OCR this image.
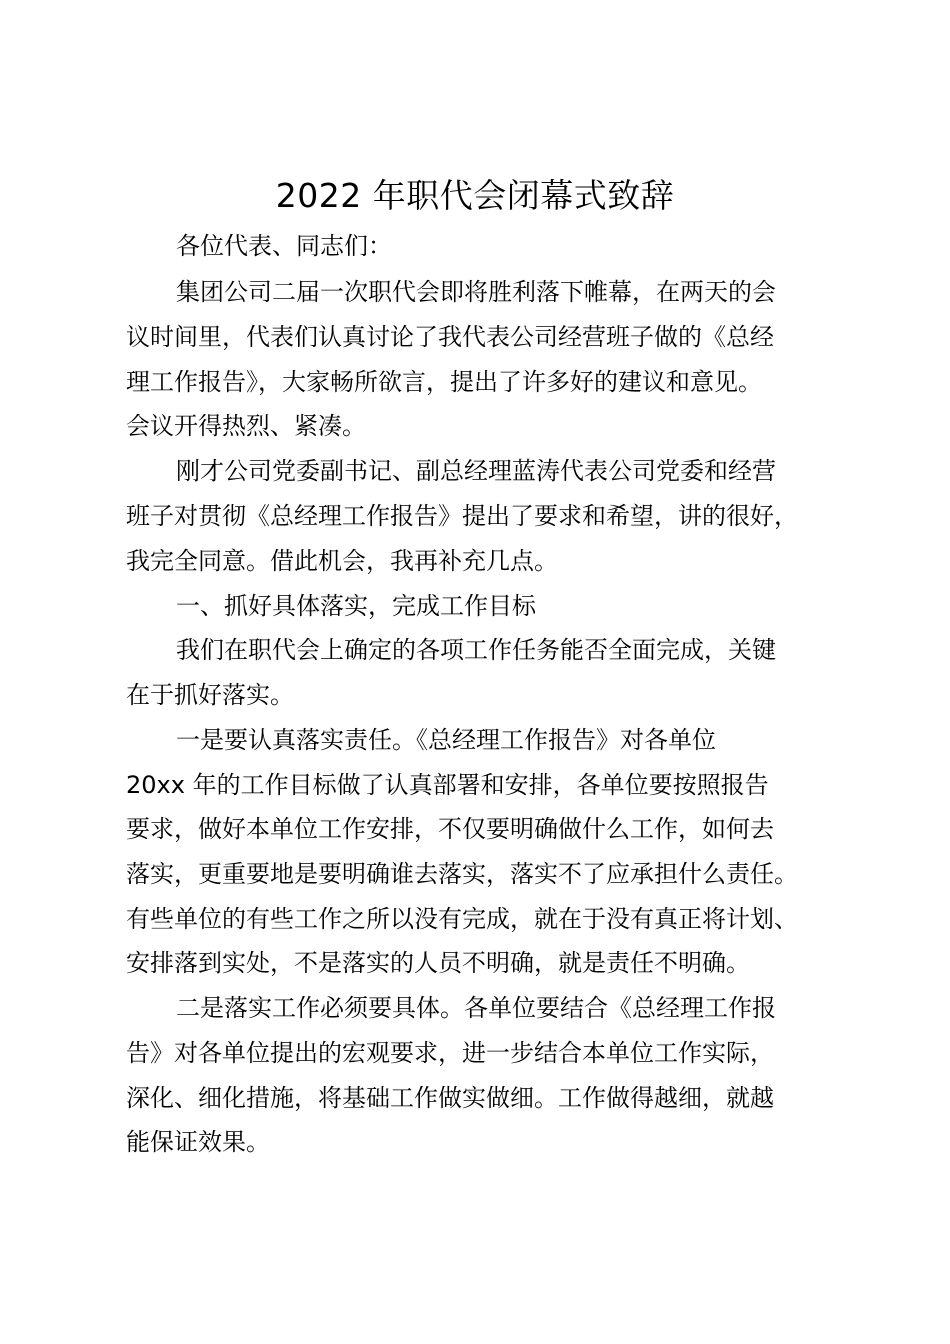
2022 年职代会闭幕式致辞
各位代表、同志们：
集团公司二届一次职代会即将胜利落下帷幕，在两天的会
议时间里，代表们认真讨论了我代表公司经营班子做的《总经
理工作报告》，大家畅所欲言，提出了许多好的建议和意见。
会议开得热烈、紧凑。
刚才公司党委副书记、副总经理蓝涛代表公司党委和经营
班子对贯彻《总经理工作报告》提出了要求和希望，讲的很好，
我完全同意。借此机会，我再补充几点。
一、抓好具体落实，完成工作目标
我们在职代会上确定的各项工作任务能否全面完成，关键
在于抓好落实。
一是要认真落实责任。《总经理工作报告》对各单位
20xx 年的工作目标做了认真部署和安排，各单位要按照报告
要求，做好本单位工作安排，不仅要明确做什么工作，如何去
落实，更重要地是要明确谁去落实，落实不了应承担什么责任。
有些单位的有些工作之所以没有完成，就在于没有真正将计划、
安排落到实处，不是落实的人员不明确，就是责任不明确。
二是落实工作必须要具体。各单位要结合《总经理工作报
告》对各单位提出的宏观要求，进一步结合本单位工作实际，
深化、细化措施，将基础工作做实做细。工作做得越细，就越
能保证效果。
